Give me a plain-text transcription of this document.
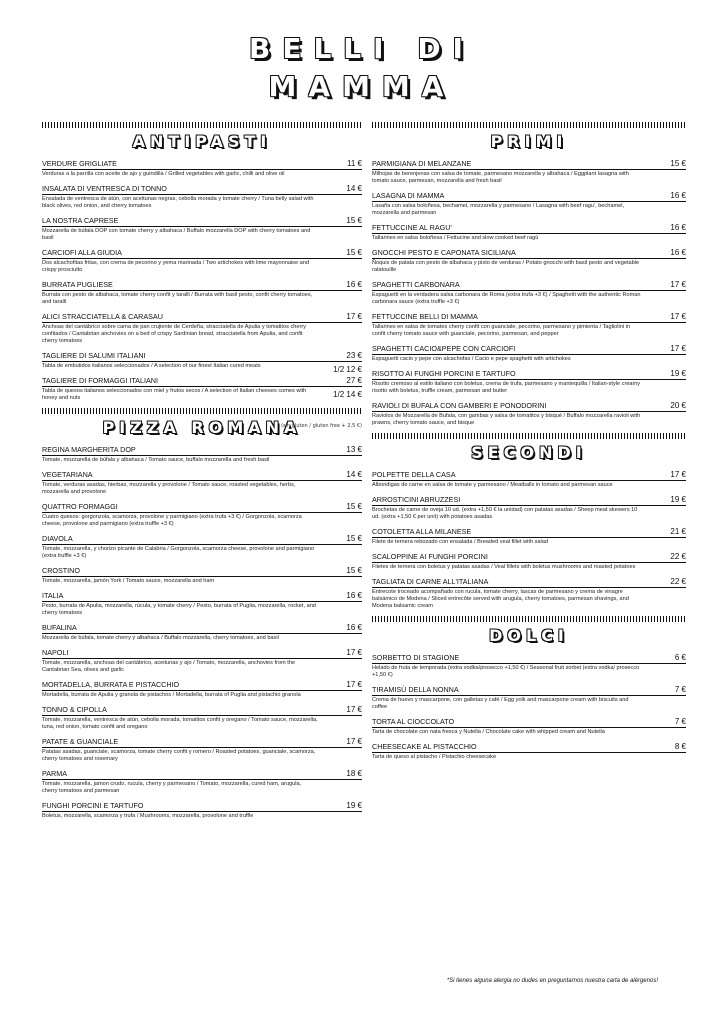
BELLI DI
MAMMA
ANTIPASTI
VERDURE GRIGLIATE
Verduras a la parrilla con aceite de ajo y guindilla / Grilled vegetables with garlic, chilli and olive oil
11 €
INSALATA DI VENTRESCA DI TONNO
Ensalada de ventresca de atún, con aceitunas negras, cebolla morada y tomate cherry / Tuna belly salad with black olives, red onion, and cherry tomatoes
14 €
LA NOSTRA CAPRESE
Mozzarella de búfala DOP con tomate cherry y albahaca / Buffalo mozzarella DOP with cherry tomatoes and basil
15 €
CARCIOFI ALLA GIUDIA
Dos alcachofitas fritas, con crema de pecorino y yema marinada / Two artichokes with lime mayonnaise and crispy prosciutto
15 €
BURRATA PUGLIESE
Burrata con pesto de albahaca, tomate cherry confit y taralli / Burrata with basil pesto, confit cherry tomatoes, and taralli
16 €
ALICI STRACCIATELLA & CARASAU
Anchoas del cantábrico sobre cama de pan crujiente de Cerdeña, stracciatella de Apulia y tomatitos cherry confitados / Cantabrian anchovies on a bed of crispy Sardinian bread, stracciatella from Apulia, and confit cherry tomatoes
17 €
TAGLIERE DI SALUMI ITALIANI
Tabla de embutidos italianos seleccionados / A selection of our finest Italian cured meats
23 €
1/2 12 €
TAGLIERE DI FORMAGGI ITALIANI
Tabla de quesos italianos seleccionados con miel y frutos secos / A selection of Italian cheeses comes with honey and nuts
27 €
1/2 14 €
PIZZA ROMANA
(sin gluten / gluten free + 2,5 €)
REGINA MARGHERITA DOP
Tomate, mozzarella de búfala y albahaca / Tomato sauce, buffalo mozzarella and fresh basil
13 €
VEGETARIANA
Tomate, verduras asadas, hierbas, mozzarella y provolone / Tomato sauce, roasted vegetables, herbs, mozzarella and provolone
14 €
QUATTRO FORMAGGI
Cuatro quesos: gorgonzola, scamorza, provolone y parmigiano (extra trufa +3 €) / Gorgonzola, scamorza cheese, provolone and parmigiano (extra truffle +3 €)
15 €
DIAVOLA
Tomate, mozzarella, y chorizo picante de Calabria / Gorgonzola, scamorza cheese, provolone and parmigiano (extra truffle +3 €)
15 €
CROSTINO
Tomate, mozzarella, jamón York / Tomato sauce, mozzarella and ham
15 €
ITALIA
Pesto, burrata de Apulia, mozzarella, rúcula, y tomate cherry / Pesto, burrata of Puglia, mozzarella, rocket, and cherry tomatoes
16 €
BUFALINA
Mozzarella de búfala, tomate cherry y albahaca / Buffalo mozzarella, cherry tomatoes, and basil
16 €
NAPOLI
Tomate, mozzarella, anchoas del cantábrico, aceitunas y ajo / Tomato, mozzarella, anchovies from the Cantabrian Sea, olives and garlic
17 €
MORTADELLA, BURRATA E PISTACCHIO
Mortadella, burrata de Apulia y granola de pistachos / Mortadella, burrata of Puglia and pistachio granola
17 €
TONNO & CIPOLLA
Tomate, mozzarella, ventresca de atún, cebolla morada, tomatitos confit y oregano / Tomato sauce, mozzarella, tuna, red onion, tomato confit and oregano
17 €
PATATE & GUANCIALE
Patatas asadas, guanciale, scamorza, tomate cherry confit y romero / Roasted potatoes, guanciale, scamorza, cherry tomatoes and rosemary
17 €
PARMA
Tomate, mozzarella, jamon crudo, rucula, cherry y parmesano / Tomato, mozzarella, cured ham, arugula, cherry tomatoes and parmesan
18 €
FUNGHI PORCINI E TARTUFO
Boletus, mozzarella, scamorza y trufa / Mushrooms, mozzarella, provolone and truffle
19 €
PRIMI
PARMIGIANA DI MELANZANE
Milhojas de berenjenas con salsa de tomate, parmesano mozzarella y albahaca / Eggplant lasagna with tomato sauce, parmesan, mozzarella and fresh basil
15 €
LASAGNA DI MAMMA
Lasaña con salsa boloñesa, bechamel, mozzarella y parmesano / Lasagna with beef ragu', bechamel, mozzarella and parmesan
16 €
FETTUCCINE AL RAGU'
Tallarines en salsa boloñesa / Fettucine and slow cooked beef ragù
16 €
GNOCCHI PESTO E CAPONATA SICILIANA
Ñoquis de patata con pesto de albahaca y pisto de verduras / Potato gnocchi with basil pesto and vegetable ratatouille
16 €
SPAGHETTI CARBONARA
Espaguetti en la verdadera salsa carbonara de Roma (extra trufa +3 €) / Spaghetti with the authentic Roman carbonara sauce (extra truffle +3 €)
17 €
FETTUCCINE BELLI DI MAMMA
Tallarines en salsa de tomates cherry confit con guanciale, pecorino, parmesano y pimienta / Tagliolini in confit cherry tomato sauce with guanciale, pecorino, parmesan, and pepper
17 €
SPAGHETTI CACIO&PEPE CON CARCIOFI
Espaguetti cacio y pepe con alcachofas / Cacio e pepe spaghetti with artichokes
17 €
RISOTTO AI FUNGHI PORCINI E TARTUFO
Risotto cremoso al estilo italiano con boletus, crema de trufa, parmesano y mantequilla / Italian-style creamy risotto with boletus, truffle cream, parmesan and butter
19 €
RAVIOLI DI BUFALA CON GAMBERI E PONODORINI
Raviolos de Mozzarella de Bufala, con gambas y salsa de tomatitos y bisqué / Buffalo mozzarella ravioli with prawns, cherry tomato sauce, and bisque
20 €
SECONDI
POLPETTE DELLA CASA
Albondigas de carne en salsa de tomate y parmesano / Meatballs in tomato and parmesan sauce
17 €
ARROSTICINI ABRUZZESI
Brochetas de carne de oveja 10 ud. (extra +1,50 € la unidad) con patatas asadas / Sheep meat skewers 10 ud. (extra +1,50 € per unit) with potatoes asadas
19 €
COTOLETTA ALLA MILANESE
Filete de ternera rebozado con ensalada / Breaded veal fillet with salad
21 €
SCALOPPINE AI FUNGHI PORCINI
Filetes de ternera con boletus y patatas asadas / Veal fillets with boletus mushrooms and roasted potatoes
22 €
TAGLIATA DI CARNE ALL'ITALIANA
Entrecote troceado acompañado con rucula, tomate cherry, lascas de parmesano y crema de vinagre balsámico de Modena / Sliced entrecôte served with arugula, cherry tomatoes, parmesan shavings, and Modena balsamic cream
22 €
DOLCI
SORBETTO DI STAGIONE
Helado de fruta de temporada (extra vodka/prosecco +1,50 €) / Seasonal fruit sorbet (extra vodka/ prosecco +1,50 €)
6 €
TIRAMISÙ DELLA NONNA
Crema de huevo y mascarpone, con galletas y café / Egg yolk and mascarpone cream with biscuits and coffee
7 €
TORTA AL CIOCCOLATO
Tarta de chocolate con nata fresca y Nutella / Chocolate cake with whipped cream and Nutella
7 €
CHEESECAKE AL PISTACCHIO
Tarta de queso al pistacho / Pistachio cheesecake
8 €
*Si tienes alguna alergia no dudes en preguntarnos nuestra carta de alérgenos!
